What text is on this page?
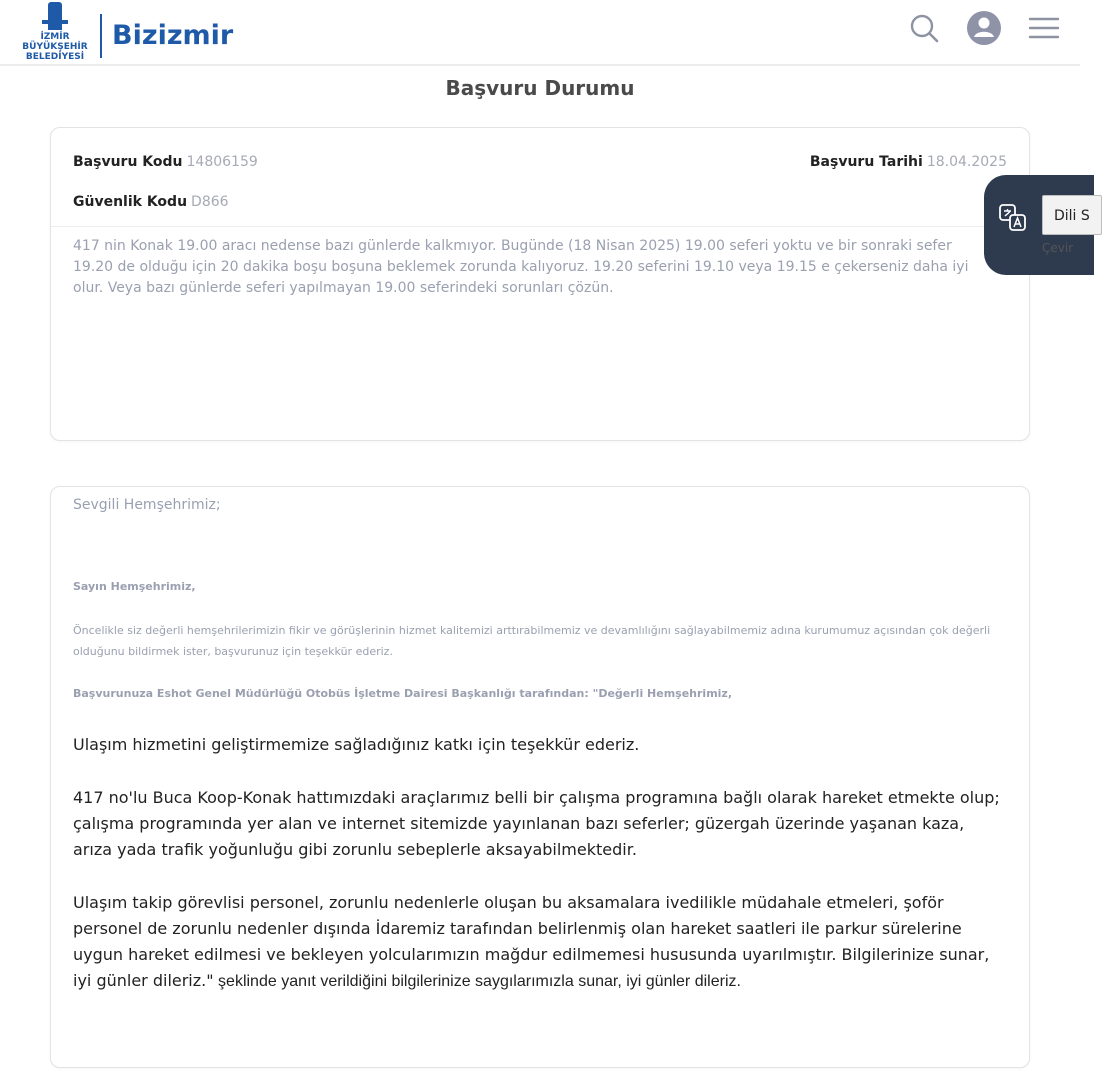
İZMİR
BÜYÜKŞEHİR
BELEDİYESİ
Bizizmir
Başvuru Durumu
Başvuru Kodu 14806159	Başvuru Tarihi 18.04.2025
Güvenlik Kodu D866
417 nin Konak 19.00 aracı nedense bazı günlerde kalkmıyor. Bugünde (18 Nisan 2025) 19.00 seferi yoktu ve bir sonraki sefer 19.20 de olduğu için 20 dakika boşu boşuna beklemek zorunda kalıyoruz. 19.20 seferini 19.10 veya 19.15 e çekerseniz daha iyi olur. Veya bazı günlerde seferi yapılmayan 19.00 seferindeki sorunları çözün.
Sevgili Hemşehrimiz;
Sayın Hemşehrimiz,
Öncelikle siz değerli hemşehrilerimizin fikir ve görüşlerinin hizmet kalitemizi arttırabilmemiz ve devamlılığını sağlayabilmemiz adına kurumumuz açısından çok değerli olduğunu bildirmek ister, başvurunuz için teşekkür ederiz.
Başvurunuza Eshot Genel Müdürlüğü Otobüs İşletme Dairesi Başkanlığı tarafından: "Değerli Hemşehrimiz,
Ulaşım hizmetini geliştirmemize sağladığınız katkı için teşekkür ederiz.
417 no'lu Buca Koop-Konak hattımızdaki araçlarımız belli bir çalışma programına bağlı olarak hareket etmekte olup; çalışma programında yer alan ve internet sitemizde yayınlanan bazı seferler; güzergah üzerinde yaşanan kaza, arıza yada trafik yoğunluğu gibi zorunlu sebeplerle aksayabilmektedir.
Ulaşım takip görevlisi personel, zorunlu nedenlerle oluşan bu aksamalara ivedilikle müdahale etmeleri, şoför personel de zorunlu nedenler dışında İdaremiz tarafından belirlenmiş olan hareket saatleri ile parkur sürelerine uygun hareket edilmesi ve bekleyen yolcularımızın mağdur edilmemesi hususunda uyarılmıştır. Bilgilerinize sunar, iyi günler dileriz." şeklinde yanıt verildiğini bilgilerinize saygılarımızla sunar, iyi günler dileriz.
Dili S
Çevir
